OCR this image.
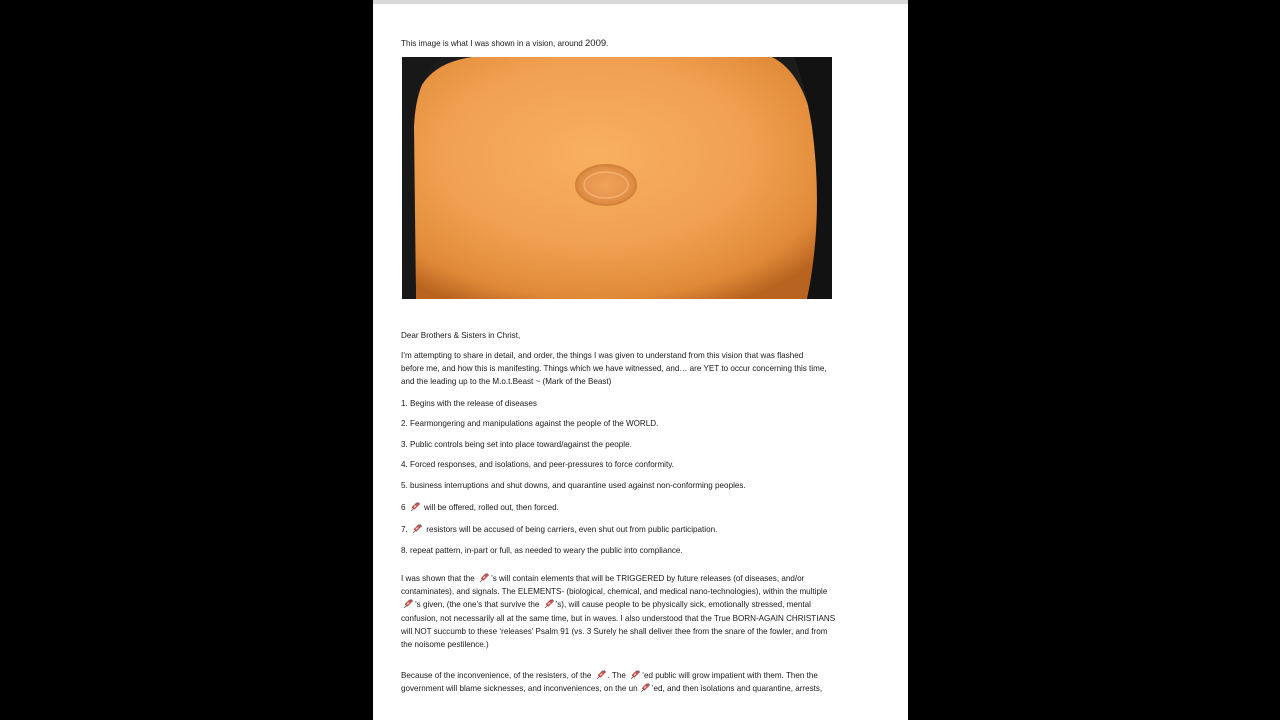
This image is what I was shown in a vision, around 2009.
Dear Brothers & Sisters in Christ,
I’m attempting to share in detail, and order, the things I was given to understand from this vision that was flashed
before me, and how this is manifesting. Things which we have witnessed, and… are YET to occur concerning this time,
and the leading up to the M.o.t.Beast ~ (Mark of the Beast)
1. Begins with the release of diseases
2. Fearmongering and manipulations against the people of the WORLD.
3. Public controls being set into place toward/against the people.
4. Forced responses, and isolations, and peer-pressures to force conformity.
5. business interruptions and shut downs, and quarantine used against non-conforming peoples.
6 will be offered, rolled out, then forced.
7. resistors will be accused of being carriers, even shut out from public participation.
8. repeat pattern, in-part or full, as needed to weary the public into compliance.
I was shown that the ’s will contain elements that will be TRIGGERED by future releases (of diseases, and/or
contaminates), and signals. The ELEMENTS- (biological, chemical, and medical nano-technologies), within the multiple
’s given, (the one’s that survive the ’s), will cause people to be physically sick, emotionally stressed, mental
confusion, not necessarily all at the same time, but in waves. I also understood that the True BORN-AGAIN CHRISTIANS
will NOT succumb to these ‘releases’ Psalm 91 (vs. 3 Surely he shall deliver thee from the snare of the fowler, and from
the noisome pestilence.)
Because of the inconvenience, of the resisters, of the . The ’ed public will grow impatient with them. Then the
government will blame sicknesses, and inconveniences, on the un ’ed, and then isolations and quarantine, arrests,
